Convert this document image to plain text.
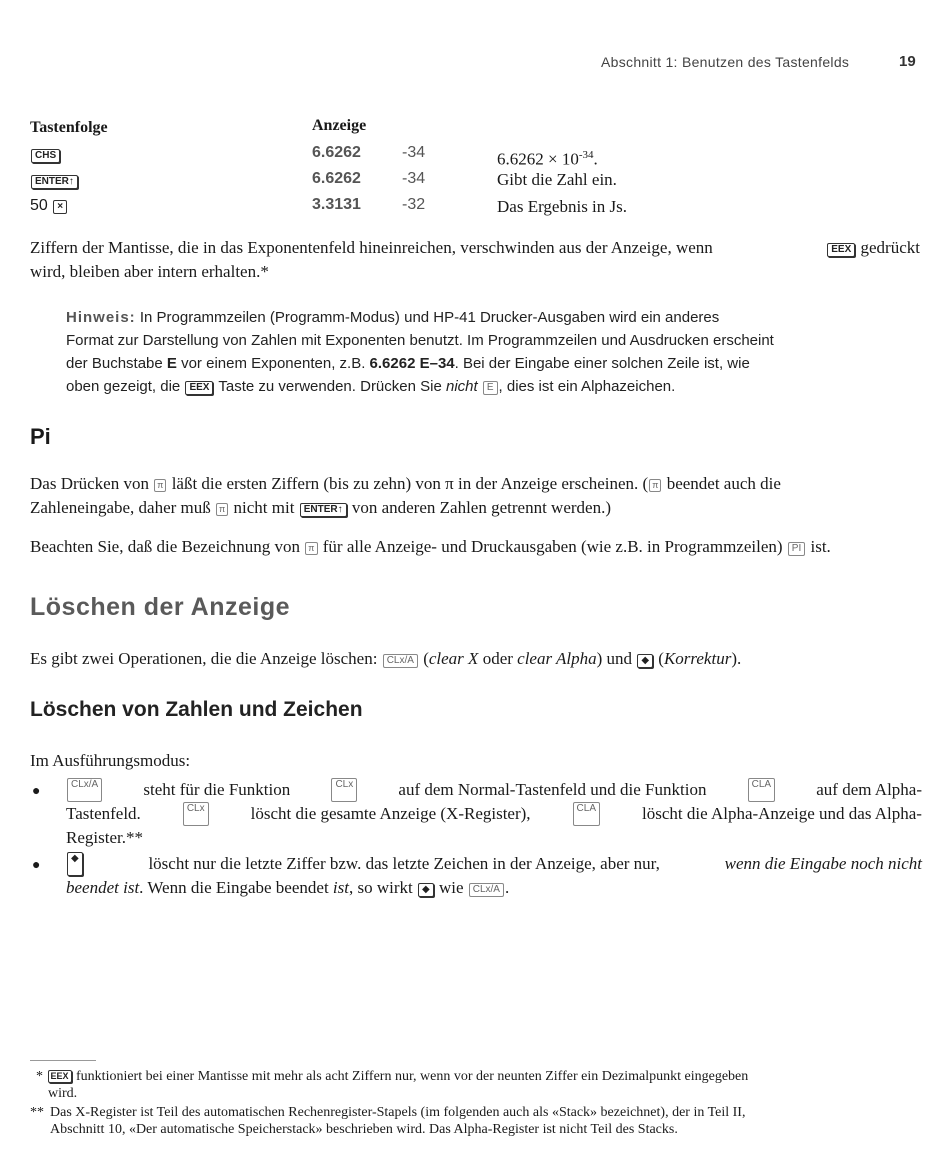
Abschnitt 1: Benutzen des Tastenfelds	19
Tastenfolge	Anzeige
CHS	6.6262	-34	$6.6262 \times 10^{-34}$.
ENTER↑	6.6262	-34	Gibt die Zahl ein.
50 ×	3.3131	-32	Das Ergebnis in Js.
Ziffern der Mantisse, die in das Exponentenfeld hineinreichen, verschwinden aus der Anzeige, wenn	EEX gedrückt
wird, bleiben aber intern erhalten.*
Hinweis: In Programmzeilen (Programm-Modus) und HP-41 Drucker-Ausgaben wird ein anderes
Format zur Darstellung von Zahlen mit Exponenten benutzt. Im Programmzeilen und Ausdrucken erscheint
der Buchstabe E vor einem Exponenten, z.B. 6.6262 E–34. Bei der Eingabe einer solchen Zeile ist, wie
oben gezeigt, die EEX Taste zu verwenden. Drücken Sie nicht E , dies ist ein Alphazeichen.
Pi
Das Drücken von π läßt die ersten Ziffern (bis zu zehn) von π in der Anzeige erscheinen. ( π beendet auch die
Zahleneingabe, daher muß π nicht mit ENTER↑ von anderen Zahlen getrennt werden.)
Beachten Sie, daß die Bezeichnung von π für alle Anzeige- und Druckausgaben (wie z.B. in Programmzeilen) PI ist.
Löschen der Anzeige
Es gibt zwei Operationen, die die Anzeige löschen: CLx/A (clear X oder clear Alpha) und ◆ (Korrektur).
Löschen von Zahlen und Zeichen
Im Ausführungsmodus:
●	CLx/A	steht für die Funktion	CLx	auf dem Normal-Tastenfeld und die Funktion	CLA	auf dem Alpha-
Tastenfeld.	CLx	löscht die gesamte Anzeige (X-Register),	CLA	löscht die Alpha-Anzeige und das Alpha-
Register.**
●	◆	löscht nur die letzte Ziffer bzw. das letzte Zeichen in der Anzeige, aber nur,	wenn die Eingabe noch nicht
beendet ist. Wenn die Eingabe beendet ist, so wirkt ◆ wie CLx/A .
* EEX funktioniert bei einer Mantisse mit mehr als acht Ziffern nur, wenn vor der neunten Ziffer ein Dezimalpunkt eingegeben
wird.
** Das X-Register ist Teil des automatischen Rechenregister-Stapels (im folgenden auch als «Stack» bezeichnet), der in Teil II,
Abschnitt 10, «Der automatische Speicherstack» beschrieben wird. Das Alpha-Register ist nicht Teil des Stacks.
